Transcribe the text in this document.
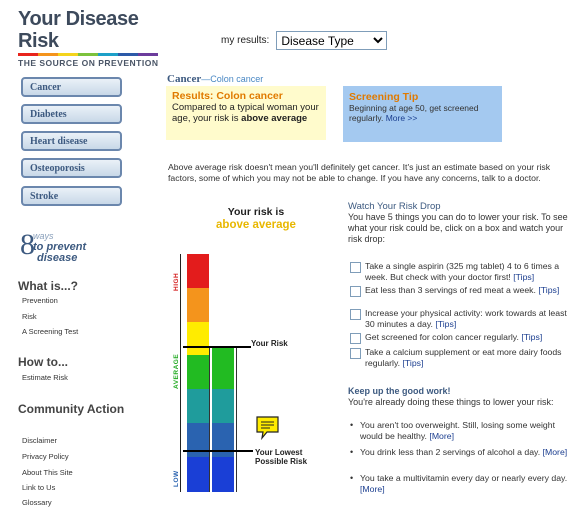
Your Disease Risk
THE SOURCE ON PREVENTION
my results:
Disease Type
Cancer
Diabetes
Heart disease
Osteoporosis
Stroke
8
ways
to prevent
disease
What is...?
Prevention
Risk
A Screening Test
How to...
Estimate Risk
Community Action
Disclaimer
Privacy Policy
About This Site
Link to Us
Glossary
Cancer—Colon cancer
Results: Colon cancer
Compared to a typical woman your age, your risk is above average
Screening Tip
Beginning at age 50, get screened regularly. More >>
Above average risk doesn't mean you'll definitely get cancer. It's just an estimate based on your risk factors, some of which you may not be able to change. If you have any concerns, talk to a doctor.
Your risk is
above average
HIGH
AVERAGE
LOW
Your Risk
Your Lowest
Possible Risk
Watch Your Risk Drop
You have 5 things you can do to lower your risk. To see what your risk could be, click on a box and watch your risk drop:
Take a single aspirin (325 mg tablet) 4 to 6 times a week. But check with your doctor first! [Tips]
Eat less than 3 servings of red meat a week. [Tips]
Increase your physical activity: work towards at least 30 minutes a day. [Tips]
Get screened for colon cancer regularly. [Tips]
Take a calcium supplement or eat more dairy foods regularly. [Tips]
Keep up the good work!
You're already doing these things to lower your risk:
• You aren't too overweight. Still, losing some weight would be healthy. [More]
• You drink less than 2 servings of alcohol a day. [More]
• You take a multivitamin every day or nearly every day. [More]
